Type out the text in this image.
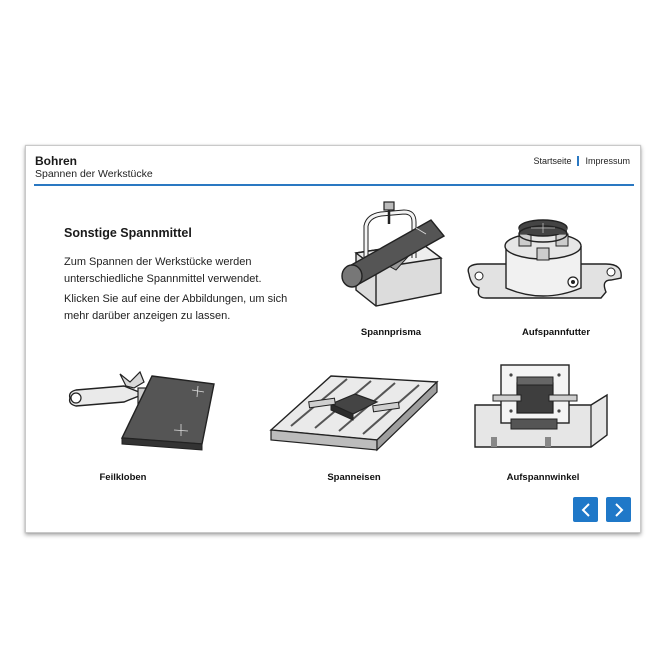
Bohren
Spannen der Werkstücke
Startseite Impressum
Sonstige Spannmittel
Zum Spannen der Werkstücke werden unterschiedliche Spannmittel verwendet.
Klicken Sie auf eine der Abbildungen, um sich mehr darüber anzeigen zu lassen.
Spannprisma	Aufspannfutter
Feilkloben	Spanneisen	Aufspannwinkel
